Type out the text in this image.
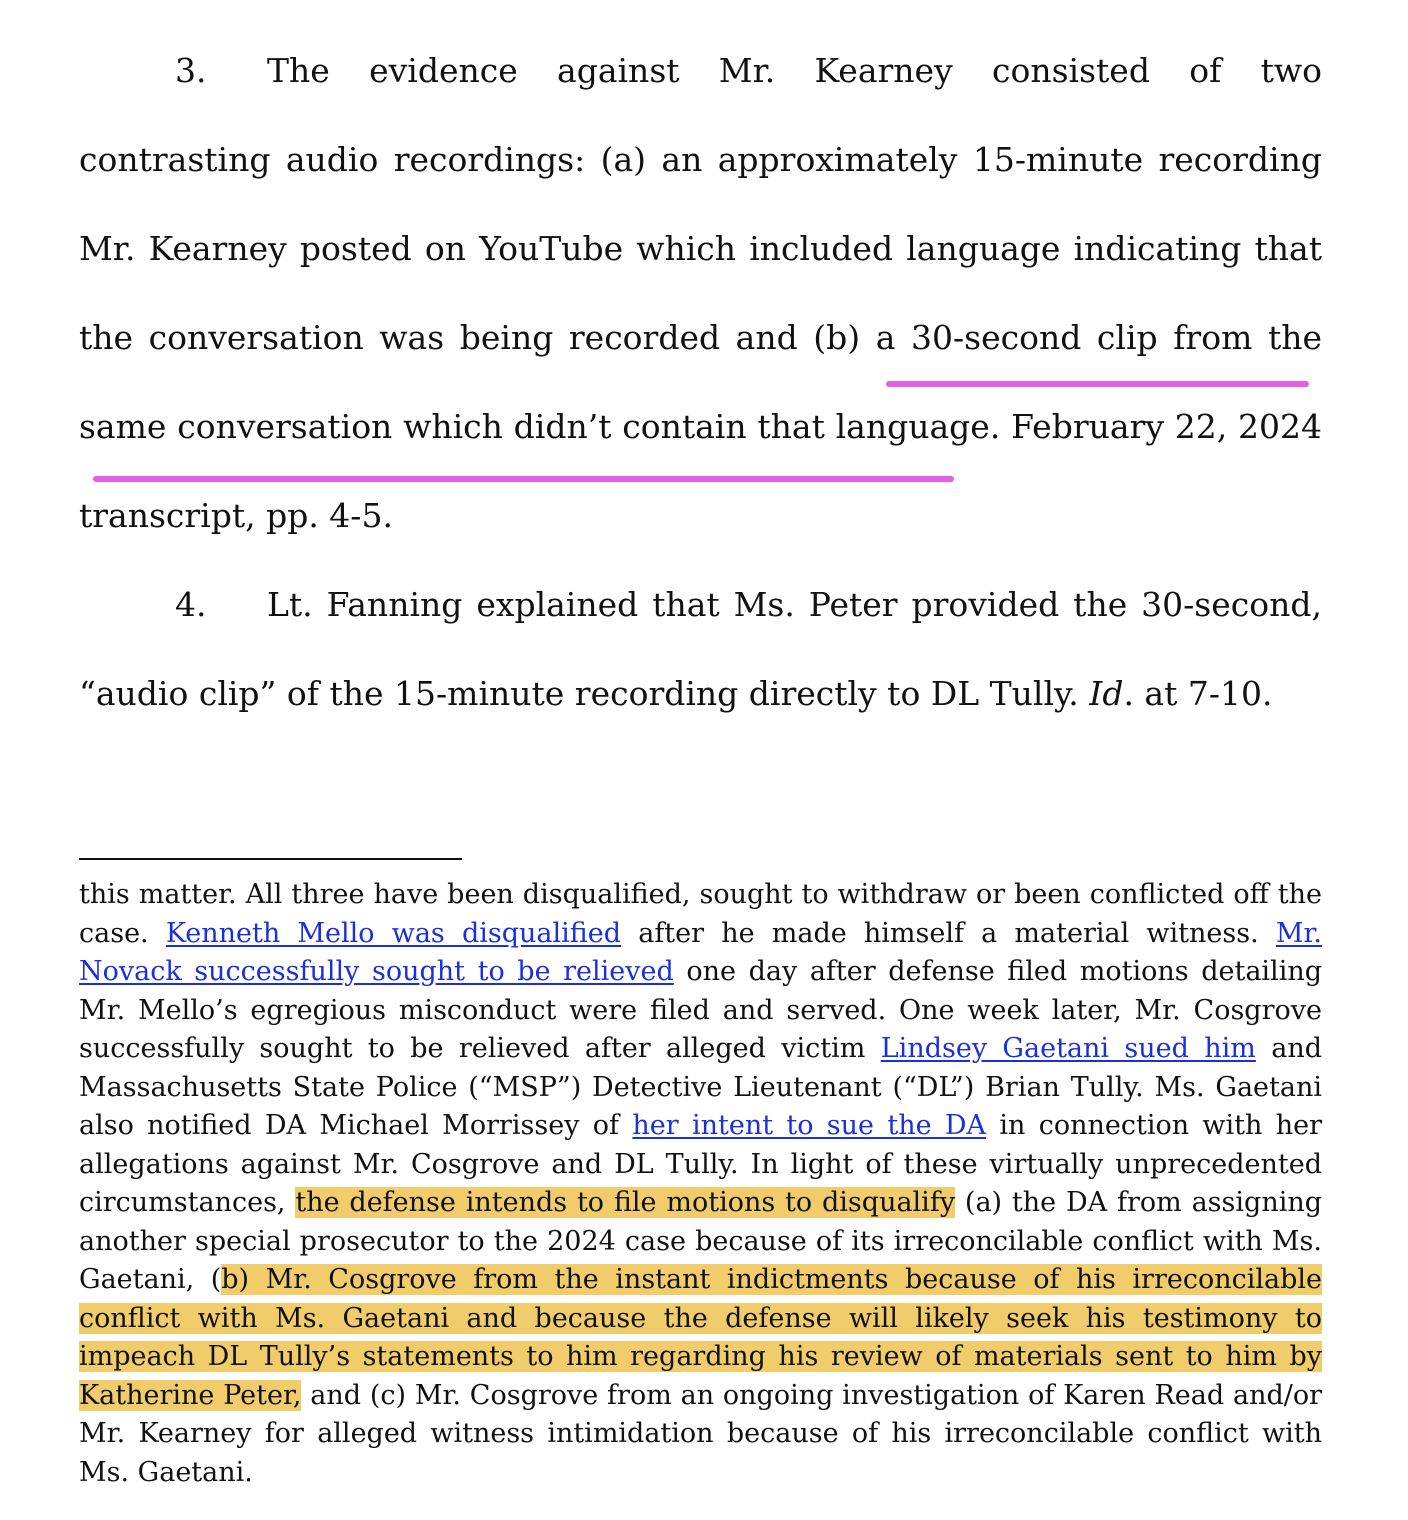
3. The evidence against Mr. Kearney consisted of two contrasting audio recordings: (a) an approximately 15-minute recording Mr. Kearney posted on YouTube which included language indicating that the conversation was being recorded and (b) a 30-second clip from the same conversation which didn’t contain that language. February 22, 2024 transcript, pp. 4-5.

4. Lt. Fanning explained that Ms. Peter provided the 30-second, “audio clip” of the 15-minute recording directly to DL Tully. Id. at 7-10.

this matter. All three have been disqualified, sought to withdraw or been conflicted off the case. Kenneth Mello was disqualified after he made himself a material witness. Mr. Novack successfully sought to be relieved one day after defense filed motions detailing Mr. Mello’s egregious misconduct were filed and served. One week later, Mr. Cosgrove successfully sought to be relieved after alleged victim Lindsey Gaetani sued him and Massachusetts State Police (“MSP”) Detective Lieutenant (“DL”) Brian Tully. Ms. Gaetani also notified DA Michael Morrissey of her intent to sue the DA in connection with her allegations against Mr. Cosgrove and DL Tully. In light of these virtually unprecedented circumstances, the defense intends to file motions to disqualify (a) the DA from assigning another special prosecutor to the 2024 case because of its irreconcilable conflict with Ms. Gaetani, (b) Mr. Cosgrove from the instant indictments because of his irreconcilable conflict with Ms. Gaetani and because the defense will likely seek his testimony to impeach DL Tully’s statements to him regarding his review of materials sent to him by Katherine Peter, and (c) Mr. Cosgrove from an ongoing investigation of Karen Read and/or Mr. Kearney for alleged witness intimidation because of his irreconcilable conflict with Ms. Gaetani.
